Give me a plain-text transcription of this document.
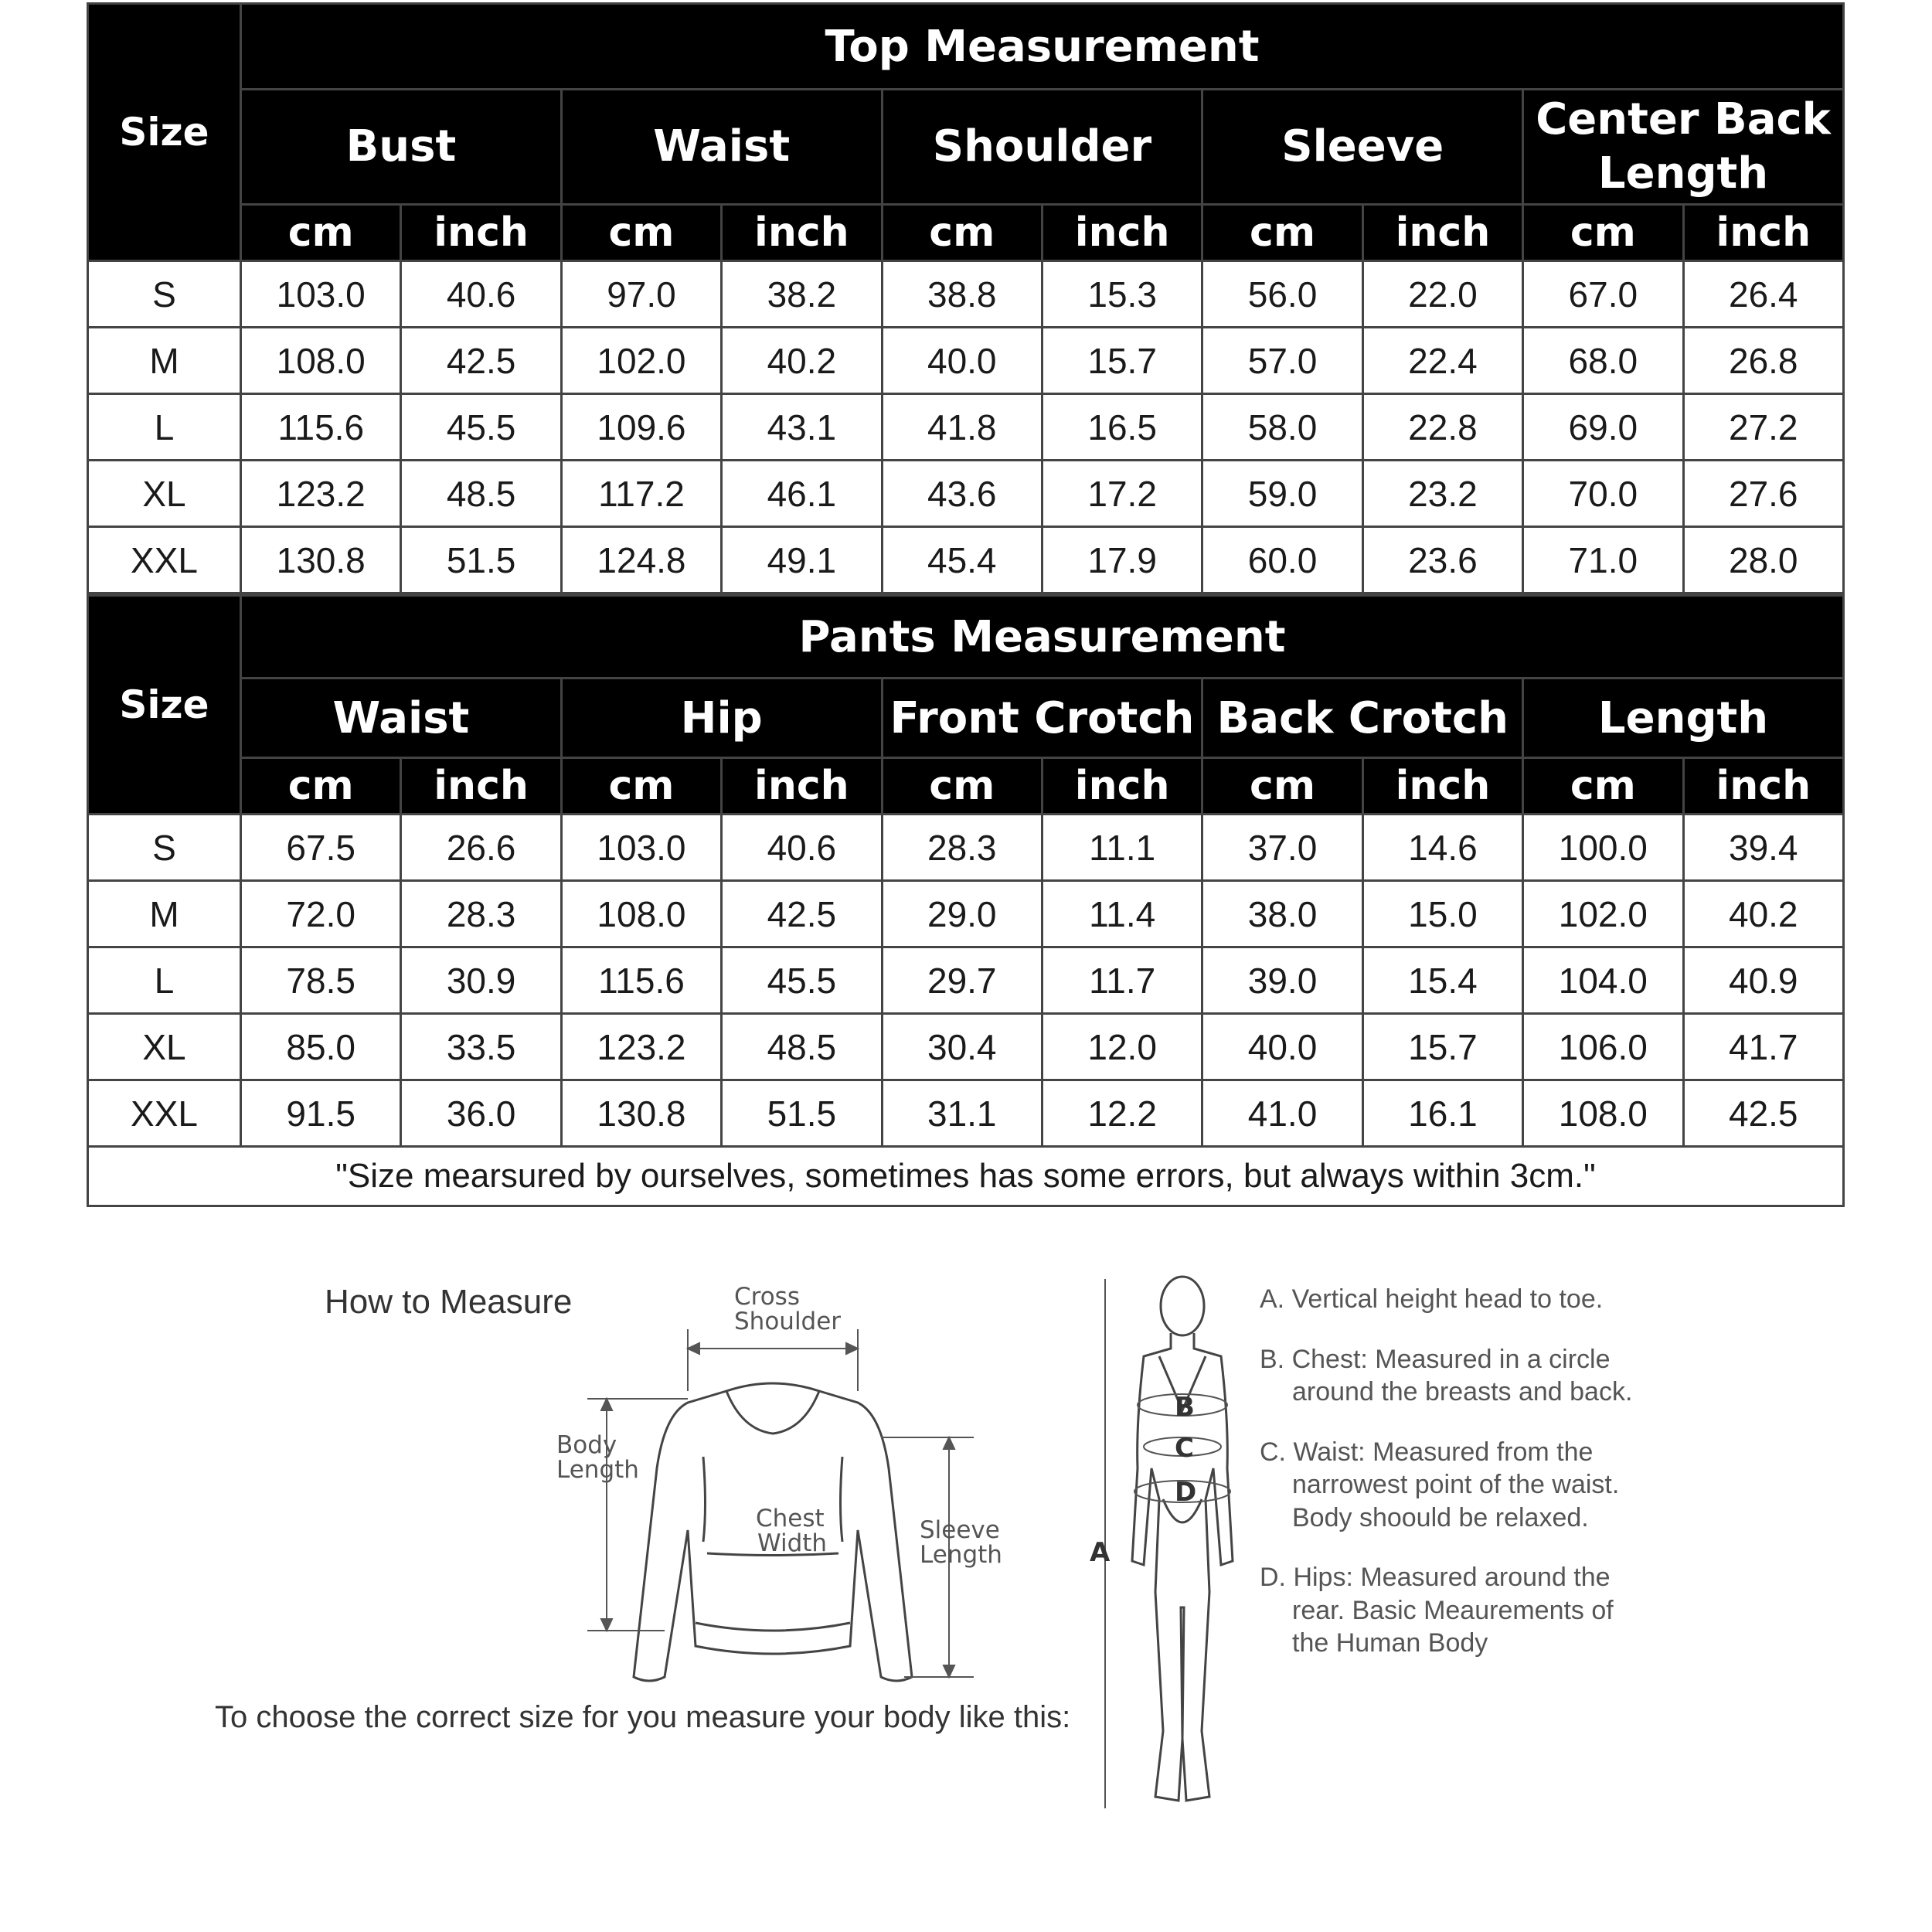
Size	Top Measurement									
	Bust		Waist		Shoulder		Sleeve		Center Back Length	
	cm	inch	cm	inch	cm	inch	cm	inch	cm	inch
S	103.0	40.6	97.0	38.2	38.8	15.3	56.0	22.0	67.0	26.4
M	108.0	42.5	102.0	40.2	40.0	15.7	57.0	22.4	68.0	26.8
L	115.6	45.5	109.6	43.1	41.8	16.5	58.0	22.8	69.0	27.2
XL	123.2	48.5	117.2	46.1	43.6	17.2	59.0	23.2	70.0	27.6
XXL	130.8	51.5	124.8	49.1	45.4	17.9	60.0	23.6	71.0	28.0
Size	Pants Measurement									
	Waist		Hip		Front Crotch		Back Crotch		Length	
	cm	inch	cm	inch	cm	inch	cm	inch	cm	inch
S	67.5	26.6	103.0	40.6	28.3	11.1	37.0	14.6	100.0	39.4
M	72.0	28.3	108.0	42.5	29.0	11.4	38.0	15.0	102.0	40.2
L	78.5	30.9	115.6	45.5	29.7	11.7	39.0	15.4	104.0	40.9
XL	85.0	33.5	123.2	48.5	30.4	12.0	40.0	15.7	106.0	41.7
XXL	91.5	36.0	130.8	51.5	31.1	12.2	41.0	16.1	108.0	42.5
"Size mearsured by ourselves, sometimes has some errors, but always within 3cm."										
How to Measure	Cross
Shoulder
Body
Length
Chest
Width	Sleeve
Length
B
C
D
A
A. Vertical height head to toe.
B. Chest: Measured in a circle around the breasts and back.
C. Waist: Measured from the narrowest point of the waist. Body shoould be relaxed.
D. Hips: Measured around the rear. Basic Meaurements of the Human Body
To choose the correct size for you measure your body like this:
